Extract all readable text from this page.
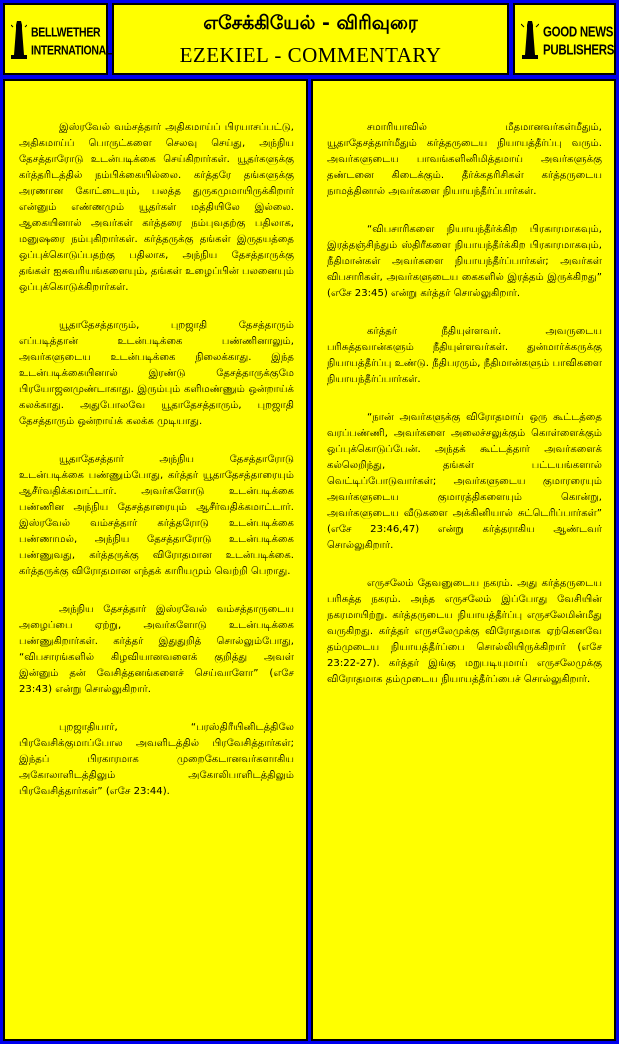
BELLWETHER
INTERNATIONAL
எசேக்கியேல் - விரிவுரை
EZEKIEL - COMMENTARY
GOOD NEWS
PUBLISHERS

இஸ்ரவேல் வம்சத்தார் அதிகமாய்ப் பிரயாசப்பட்டு, அதிகமாய்ப் பொருட்களை செலவு செய்து, அந்நிய தேசத்தாரோடு உடன்படிக்கை செய்கிறார்கள். யூதர்களுக்கு கர்த்தரிடத்தில் நம்பிக்கையில்லை. கர்த்தரே தங்களுக்கு அரணான கோட்டையும், பலத்த துருகமுமாயிருக்கிறார் என்னும் எண்ணமும் யூதர்கள் மத்தியிலே இல்லை. ஆகையினால் அவர்கள் கர்த்தரை நம்புவதற்கு பதிலாக, மனுஷரை நம்புகிறார்கள். கர்த்தருக்கு தங்கள் இருதயத்தை ஒப்புக்கொடுப்பதற்கு பதிலாக, அந்நிய தேசத்தாருக்கு தங்கள் ஐசுவரியங்களையும், தங்கள் உழைப்பின் பலனையும் ஒப்புக்கொடுக்கிறார்கள்.

யூதாதேசத்தாரும், புறஜாதி தேசத்தாரும் எப்படித்தான் உடன்படிக்கை பண்ணினாலும், அவர்களுடைய உடன்படிக்கை நிலைக்காது. இந்த உடன்படிக்கையினால் இரண்டு தேசத்தாருக்குமே பிரயோஜனமுண்டாகாது. இரும்பும் களிமண்ணும் ஒன்றாய்க் கலக்காது. அதுபோலவே யூதாதேசத்தாரும், புறஜாதி தேசத்தாரும் ஒன்றாய்க் கலக்க முடியாது.

யூதாதேசத்தார் அந்நிய தேசத்தாரோடு உடன்படிக்கை பண்ணும்போது, கர்த்தர் யூதாதேசத்தாரையும் ஆசீர்வதிக்கமாட்டார். அவர்களோடு உடன்படிக்கை பண்ணின அந்நிய தேசத்தாரையும் ஆசீர்வதிக்கமாட்டார். இஸ்ரவேல் வம்சத்தார் கர்த்தரோடு உடன்படிக்கை பண்ணாமல், அந்நிய தேசத்தாரோடு உடன்படிக்கை பண்ணுவது, கர்த்தருக்கு விரோதமான உடன்படிக்கை. கர்த்தருக்கு விரோதமான எந்தக் காரியமும் வெற்றி பெறாது.

அந்நிய தேசத்தார் இஸ்ரவேல் வம்சத்தாருடைய அழைப்பை ஏற்று, அவர்களோடு உடன்படிக்கை பண்ணுகிறார்கள். கர்த்தர் இதுதுறித் சொல்லும்போது, “விபசாரங்களில் கிழவியானவளைக் குறித்து அவள் இன்னும் தன் வேசித்தனங்களைச் செய்வாளோ” (எசே 23:43) என்று சொல்லுகிறார்.

புறஜாதியார், “பரஸ்திரீயினிடத்திலே பிரவேசிக்குமாப்போல அவளிடத்தில் பிரவேசித்தார்கள்; இந்தப் பிரகாரமாக முறைகேடானவர்களாகிய அகோலாளிடத்திலும் அகோலிபாளிடத்திலும் பிரவேசித்தார்கள்” (எசே 23:44).

சமாரியாவில் மீதமானவர்கள்மீதும், யூதாதேசத்தார்மீதும் கர்த்தருடைய நியாயத்தீர்ப்பு வரும். அவர்களுடைய பாவங்களினிமித்தமாய் அவர்களுக்கு தண்டனை கிடைக்கும். தீர்க்கதரிசிகள் கர்த்தருடைய நாமத்தினால் அவர்களை நியாயந்தீர்ப்பார்கள்.

“விபசாரிகளை நியாயந்தீர்க்கிற பிரகாரமாகவும், இரத்தஞ்சிந்தும் ஸ்திரீகளை நியாயந்தீர்க்கிற பிரகாரமாகவும், நீதிமான்கள் அவர்களை நியாயந்தீர்ப்பார்கள்; அவர்கள் விபசாரிகள், அவர்களுடைய கைகளில் இரத்தம் இருக்கிறது” (எசே 23:45) என்று கர்த்தர் சொல்லுகிறார்.

கர்த்தர் நீதியுள்ளவர். அவருடைய பரிசுத்தவான்களும் நீதியுள்ளவர்கள். துன்மார்க்கருக்கு நியாயத்தீர்ப்பு உண்டு. நீதிபரரும், நீதிமான்களும் பாவிகளை நியாயந்தீர்ப்பார்கள்.

“நான் அவர்களுக்கு விரோதமாய் ஒரு கூட்டத்தை வரப்பண்ணி, அவர்களை அலைச்சலுக்கும் கொள்ளைக்கும் ஒப்புக்கொடுப்பேன். அந்தக் கூட்டத்தார் அவர்களைக் கல்லெறிந்து, தங்கள் பட்டயங்களால் வெட்டிப்போடுவார்கள்; அவர்களுடைய குமாரரையும் அவர்களுடைய குமாரத்திகளையும் கொன்று, அவர்களுடைய வீடுகளை அக்கினியால் சுட்டெரிப்பார்கள்” (எசே 23:46,47) என்று கர்த்தராகிய ஆண்டவர் சொல்லுகிறார்.

எருசலேம் தேவனுடைய நகரம். அது கர்த்தருடைய பரிசுத்த நகரம். அந்த எருசலேம் இப்போது வேசியின் நகரமாயிற்று. கர்த்தருடைய நியாயத்தீர்ப்பு எருசலேமின்மீது வருகிறது. கர்த்தர் எருசலேமுக்கு விரோதமாக ஏற்கெனவே தம்முடைய நியாயத்தீர்ப்பை சொல்லியிருக்கிறார் (எசே 23:22-27). கர்த்தர் இங்கு மறுபடியுமாய் எருசலேமுக்கு விரோதமாக தம்முடைய நியாயத்தீர்ப்பைச் சொல்லுகிறார்.
